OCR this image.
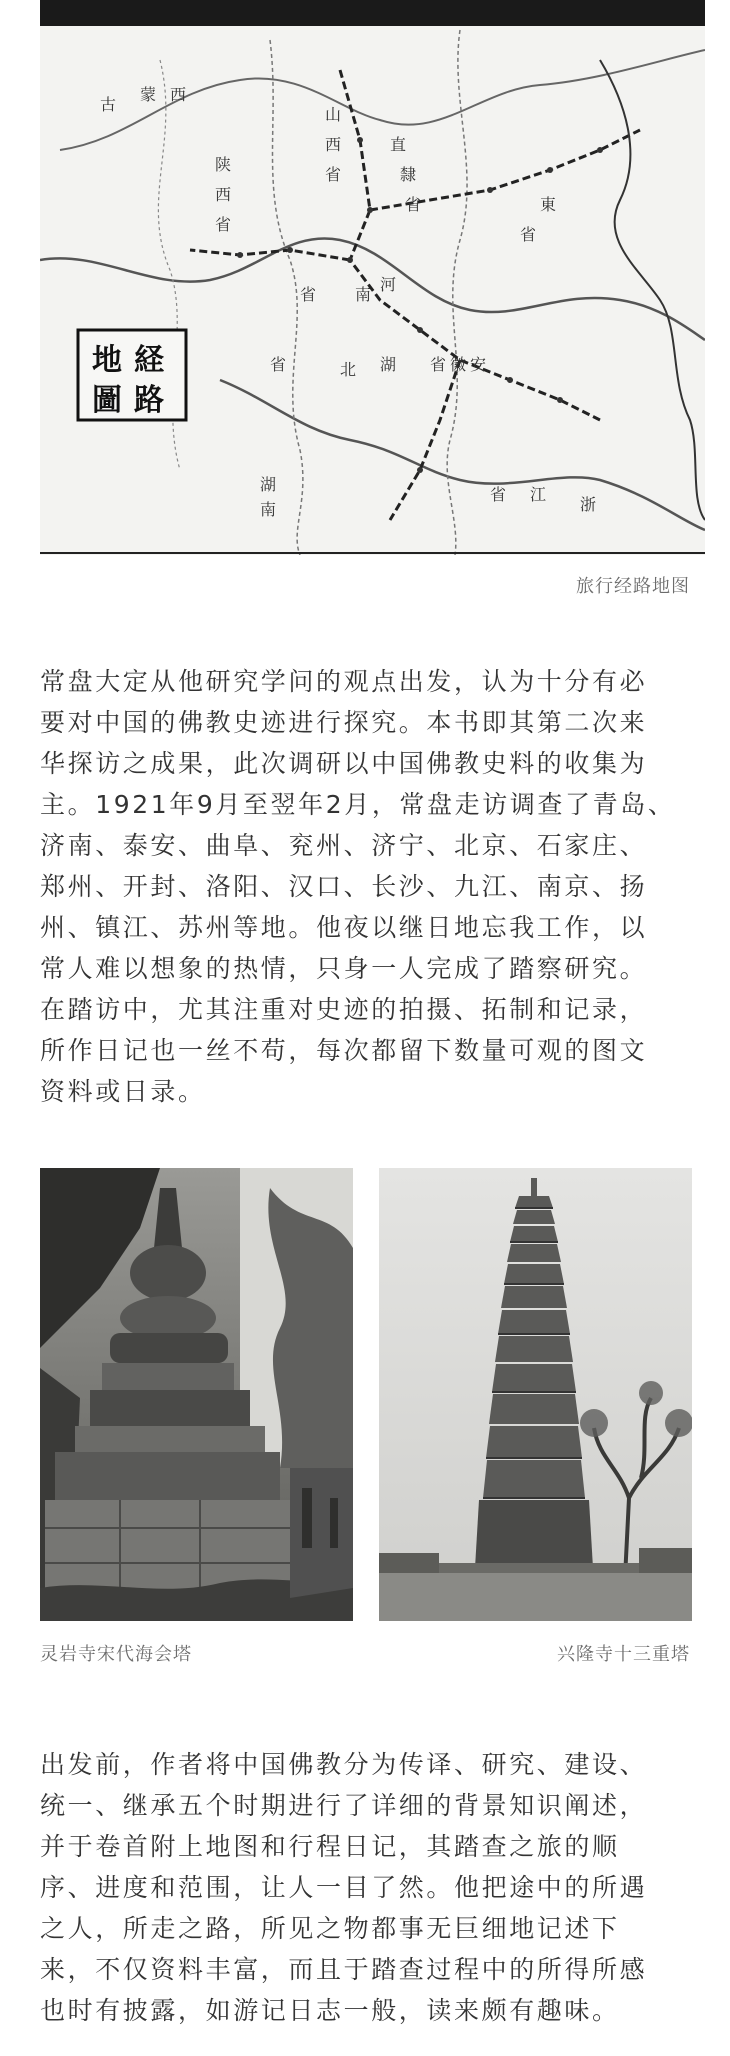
古
蒙 西
陕
西
省
山
西
省
直
隸
省	東
省
河
南
省
北 湖 省 徽 安
湖
南
省 江
浙
省
地 経
圖 路
旅行经路地图
常盘大定从他研究学问的观点出发，认为十分有必
要对中国的佛教史迹进行探究。本书即其第二次来
华探访之成果，此次调研以中国佛教史料的收集为
主。1921年9月至翌年2月，常盘走访调查了青岛、
济南、泰安、曲阜、兖州、济宁、北京、石家庄、
郑州、开封、洛阳、汉口、长沙、九江、南京、扬
州、镇江、苏州等地。他夜以继日地忘我工作，以
常人难以想象的热情，只身一人完成了踏察研究。
在踏访中，尤其注重对史迹的拍摄、拓制和记录，
所作日记也一丝不苟，每次都留下数量可观的图文
资料或日录。
灵岩寺宋代海会塔	兴隆寺十三重塔
出发前，作者将中国佛教分为传译、研究、建设、
统一、继承五个时期进行了详细的背景知识阐述，
并于卷首附上地图和行程日记，其踏查之旅的顺
序、进度和范围，让人一目了然。他把途中的所遇
之人，所走之路，所见之物都事无巨细地记述下
来，不仅资料丰富，而且于踏查过程中的所得所感
也时有披露，如游记日志一般，读来颇有趣味。
